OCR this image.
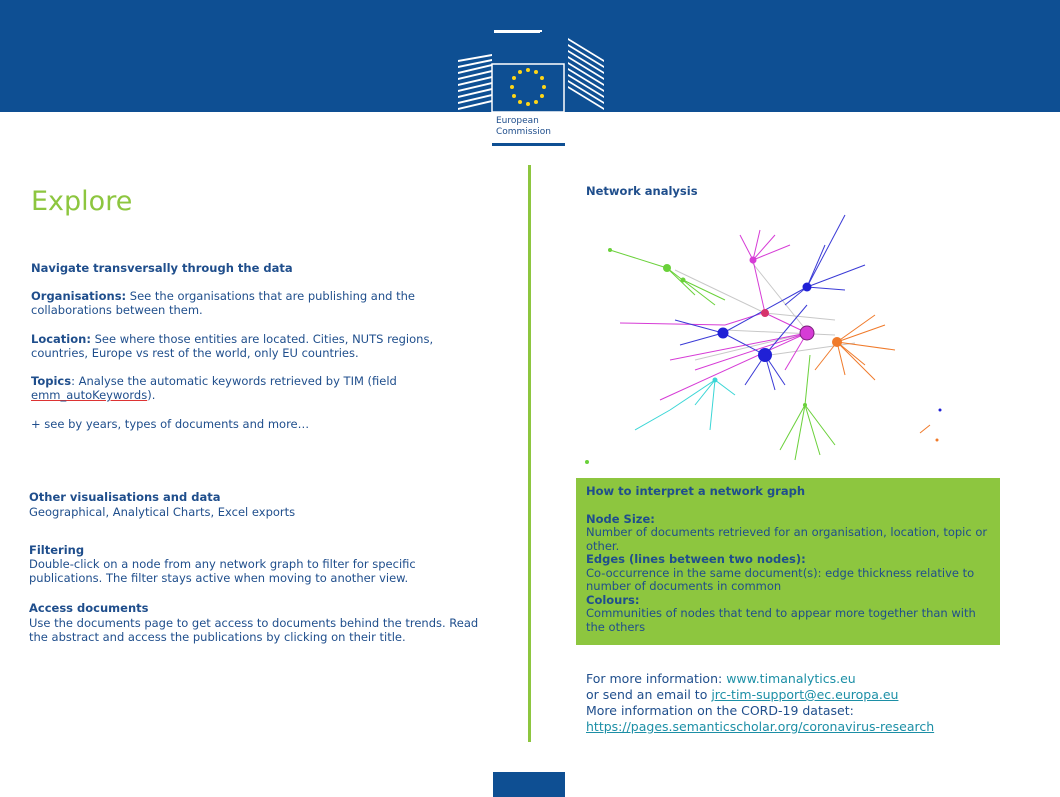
European
Commission
Explore
Navigate transversally through the data
Organisations: See the organisations that are publishing and the collaborations between them.
Location: See where those entities are located. Cities, NUTS regions, countries, Europe vs rest of the world, only EU countries.
Topics: Analyse the automatic keywords retrieved by TIM (field emm_autoKeywords).
+ see by years, types of documents and more…
Other visualisations and data
Geographical, Analytical Charts, Excel exports
Filtering
Double-click on a node from any network graph to filter for specific publications. The filter stays active when moving to another view.
Access documents
Use the documents page to get access to documents behind the trends. Read the abstract and access the publications by clicking on their title.
Network analysis
How to interpret a network graph
Node Size:
Number of documents retrieved for an organisation, location, topic or other.
Edges (lines between two nodes):
Co-occurrence in the same document(s): edge thickness relative to number of documents in common
Colours:
Communities of nodes that tend to appear more together than with the others
For more information: www.timanalytics.eu
or send an email to jrc-tim-support@ec.europa.eu
More information on the CORD-19 dataset:
https://pages.semanticscholar.org/coronavirus-research
